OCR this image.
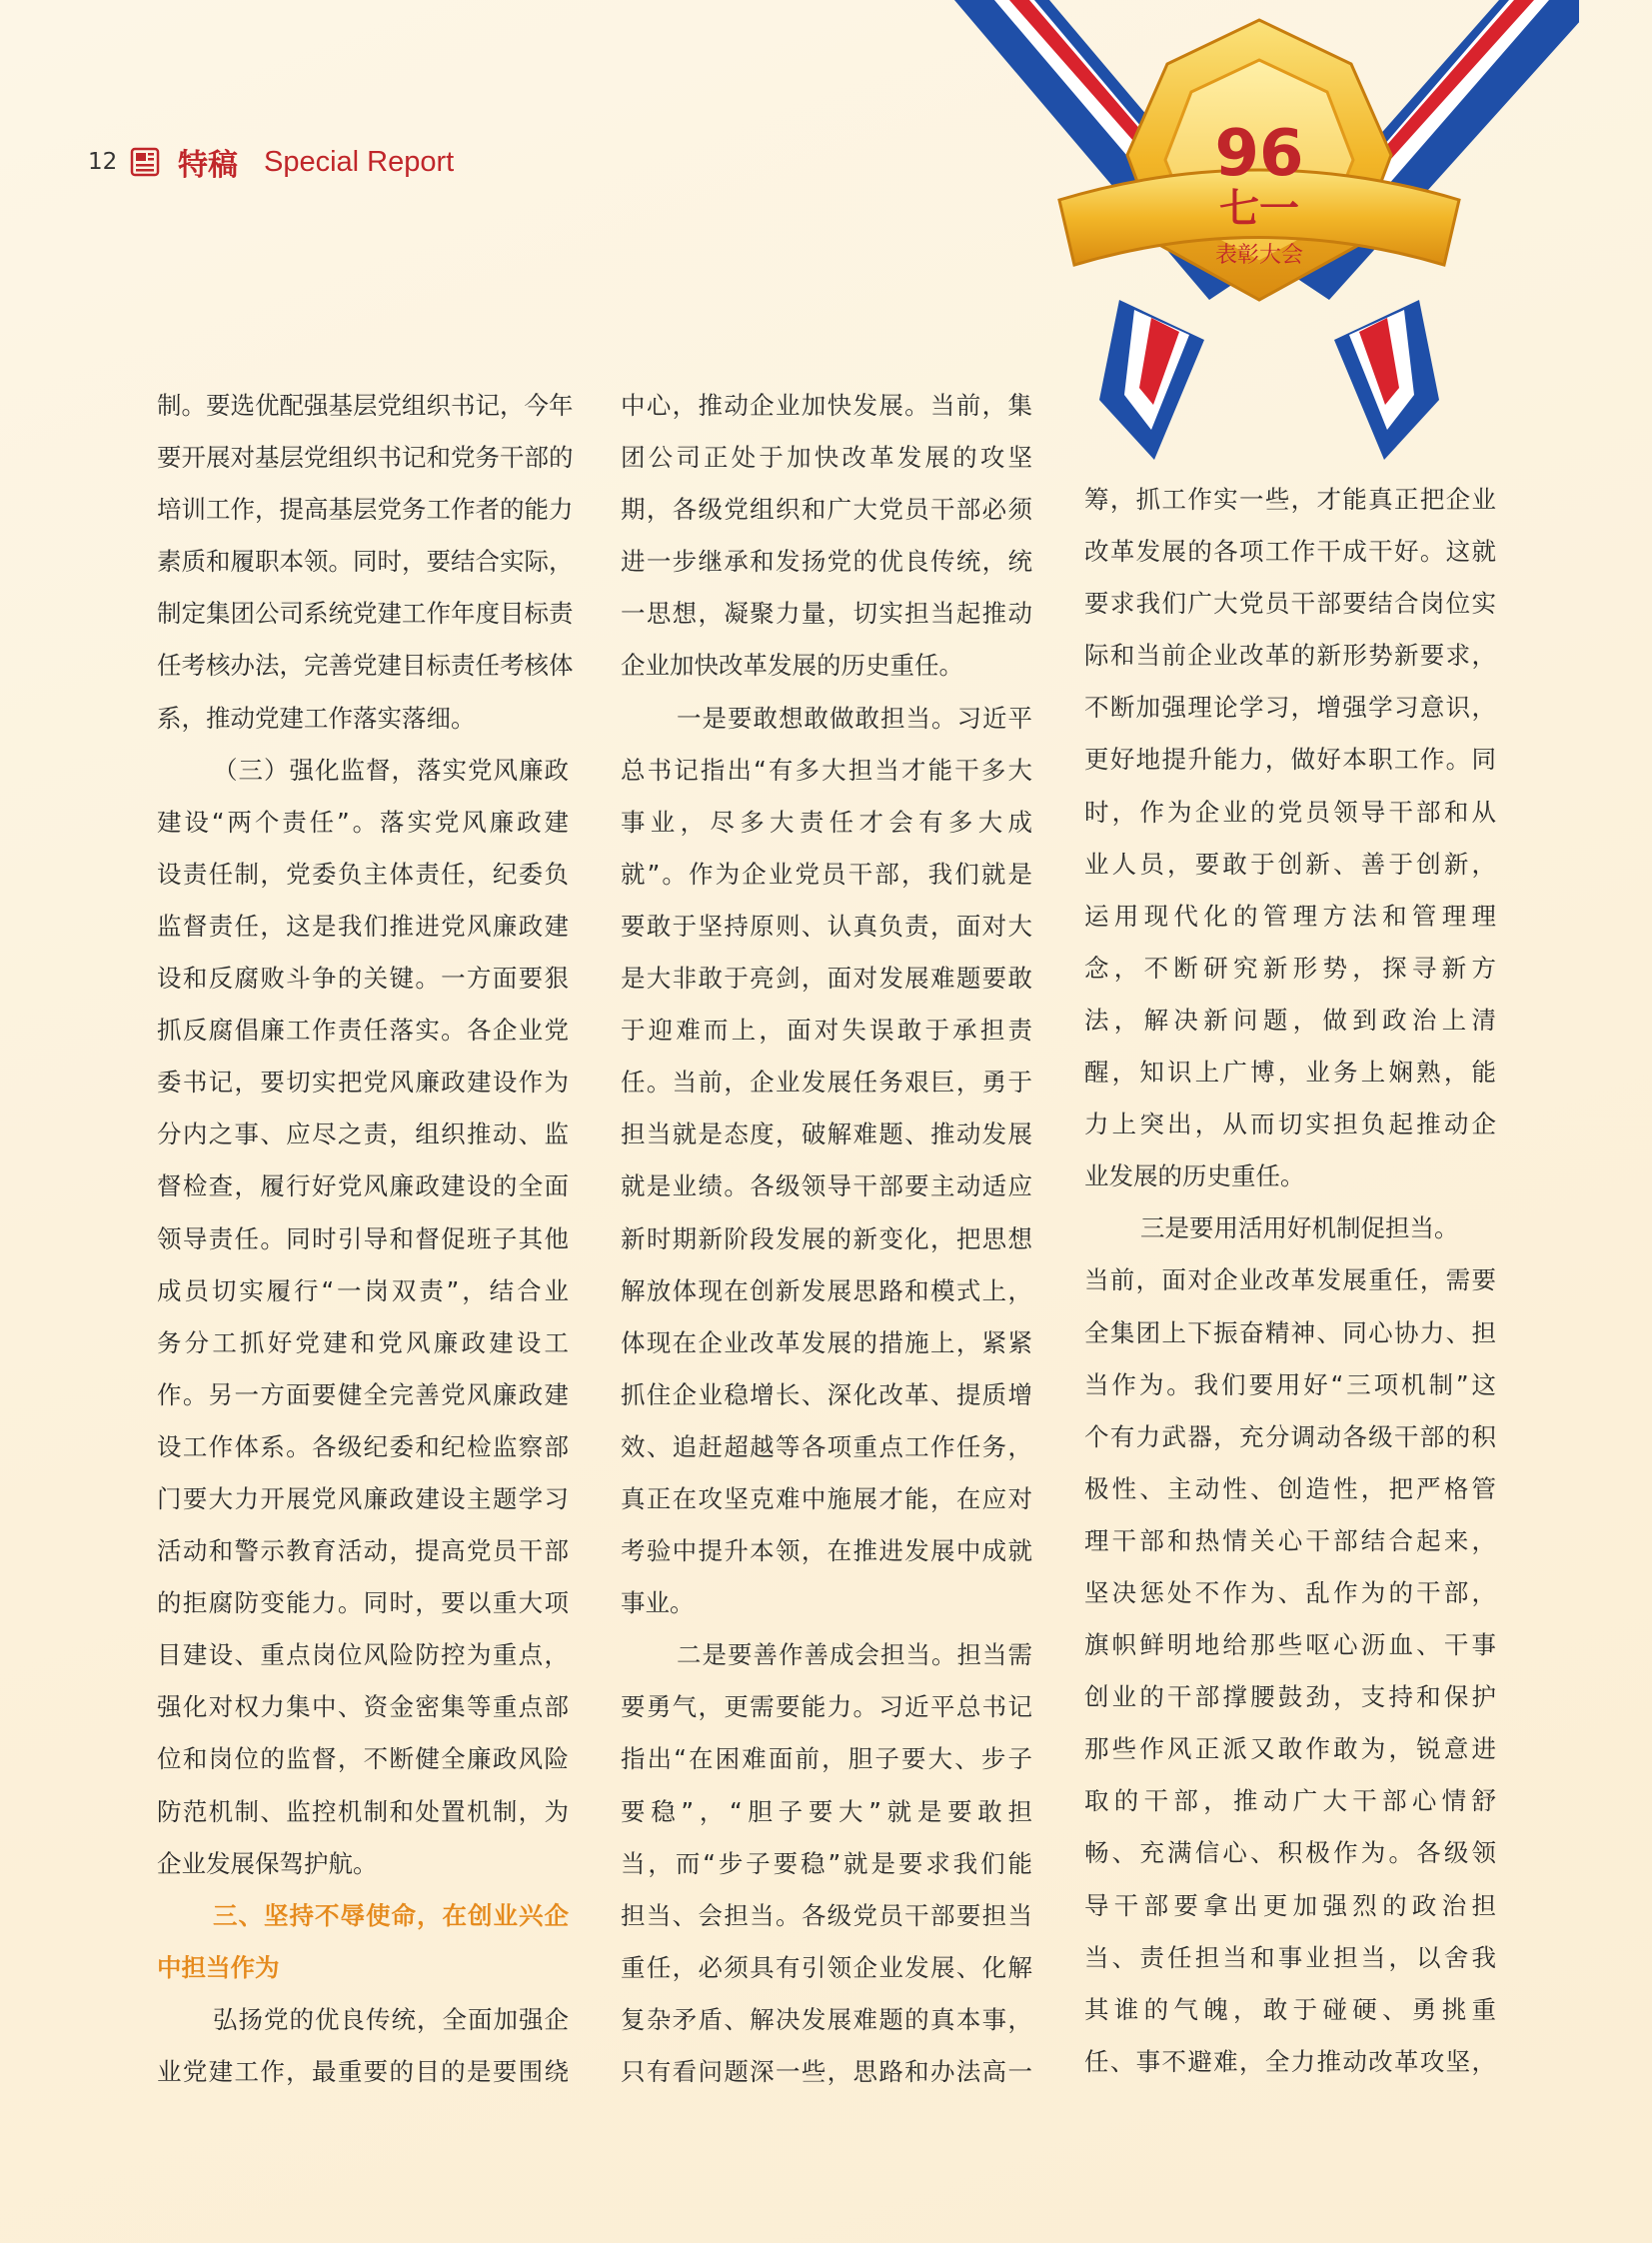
12	特稿 Special Report	96
七一
表彰大会

制。要选优配强基层党组织书记，今年

要开展对基层党组织书记和党务干部的

培训工作，提高基层党务工作者的能力

素质和履职本领。同时，要结合实际，

制定集团公司系统党建工作年度目标责

任考核办法，完善党建目标责任考核体

系，推动党建工作落实落细。

（三）强化监督，落实党风廉政

建设“两个责任”。落实党风廉政建

设责任制，党委负主体责任，纪委负

监督责任，这是我们推进党风廉政建

设和反腐败斗争的关键。一方面要狠

抓反腐倡廉工作责任落实。各企业党

委书记，要切实把党风廉政建设作为

分内之事、应尽之责，组织推动、监

督检查，履行好党风廉政建设的全面

领导责任。同时引导和督促班子其他

成员切实履行“一岗双责”，结合业

务分工抓好党建和党风廉政建设工

作。另一方面要健全完善党风廉政建

设工作体系。各级纪委和纪检监察部

门要大力开展党风廉政建设主题学习

活动和警示教育活动，提高党员干部

的拒腐防变能力。同时，要以重大项

目建设、重点岗位风险防控为重点，

强化对权力集中、资金密集等重点部

位和岗位的监督，不断健全廉政风险

防范机制、监控机制和处置机制，为

企业发展保驾护航。

三、坚持不辱使命，在创业兴企

中担当作为

弘扬党的优良传统，全面加强企

业党建工作，最重要的目的是要围绕

中心，推动企业加快发展。当前，集

团公司正处于加快改革发展的攻坚

期，各级党组织和广大党员干部必须

进一步继承和发扬党的优良传统，统

一思想，凝聚力量，切实担当起推动

企业加快改革发展的历史重任。

一是要敢想敢做敢担当。习近平

总书记指出“有多大担当才能干多大

事业，尽多大责任才会有多大成

就”。作为企业党员干部，我们就是

要敢于坚持原则、认真负责，面对大

是大非敢于亮剑，面对发展难题要敢

于迎难而上，面对失误敢于承担责

任。当前，企业发展任务艰巨，勇于

担当就是态度，破解难题、推动发展

就是业绩。各级领导干部要主动适应

新时期新阶段发展的新变化，把思想

解放体现在创新发展思路和模式上，

体现在企业改革发展的措施上，紧紧

抓住企业稳增长、深化改革、提质增

效、追赶超越等各项重点工作任务，

真正在攻坚克难中施展才能，在应对

考验中提升本领，在推进发展中成就

事业。

二是要善作善成会担当。担当需

要勇气，更需要能力。习近平总书记

指出“在困难面前，胆子要大、步子

要稳”，“胆子要大”就是要敢担

当，而“步子要稳”就是要求我们能

担当、会担当。各级党员干部要担当

重任，必须具有引领企业发展、化解

复杂矛盾、解决发展难题的真本事，

只有看问题深一些，思路和办法高一

筹，抓工作实一些，才能真正把企业

改革发展的各项工作干成干好。这就

要求我们广大党员干部要结合岗位实

际和当前企业改革的新形势新要求，

不断加强理论学习，增强学习意识，

更好地提升能力，做好本职工作。同

时，作为企业的党员领导干部和从

业人员，要敢于创新、善于创新，

运用现代化的管理方法和管理理

念，不断研究新形势，探寻新方

法，解决新问题，做到政治上清

醒，知识上广博，业务上娴熟，能

力上突出，从而切实担负起推动企

业发展的历史重任。

三是要用活用好机制促担当。

当前，面对企业改革发展重任，需要

全集团上下振奋精神、同心协力、担

当作为。我们要用好“三项机制”这

个有力武器，充分调动各级干部的积

极性、主动性、创造性，把严格管

理干部和热情关心干部结合起来，

坚决惩处不作为、乱作为的干部，

旗帜鲜明地给那些呕心沥血、干事

创业的干部撑腰鼓劲，支持和保护

那些作风正派又敢作敢为，锐意进

取的干部，推动广大干部心情舒

畅、充满信心、积极作为。各级领

导干部要拿出更加强烈的政治担

当、责任担当和事业担当，以舍我

其谁的气魄，敢于碰硬、勇挑重

任、事不避难，全力推动改革攻坚，
